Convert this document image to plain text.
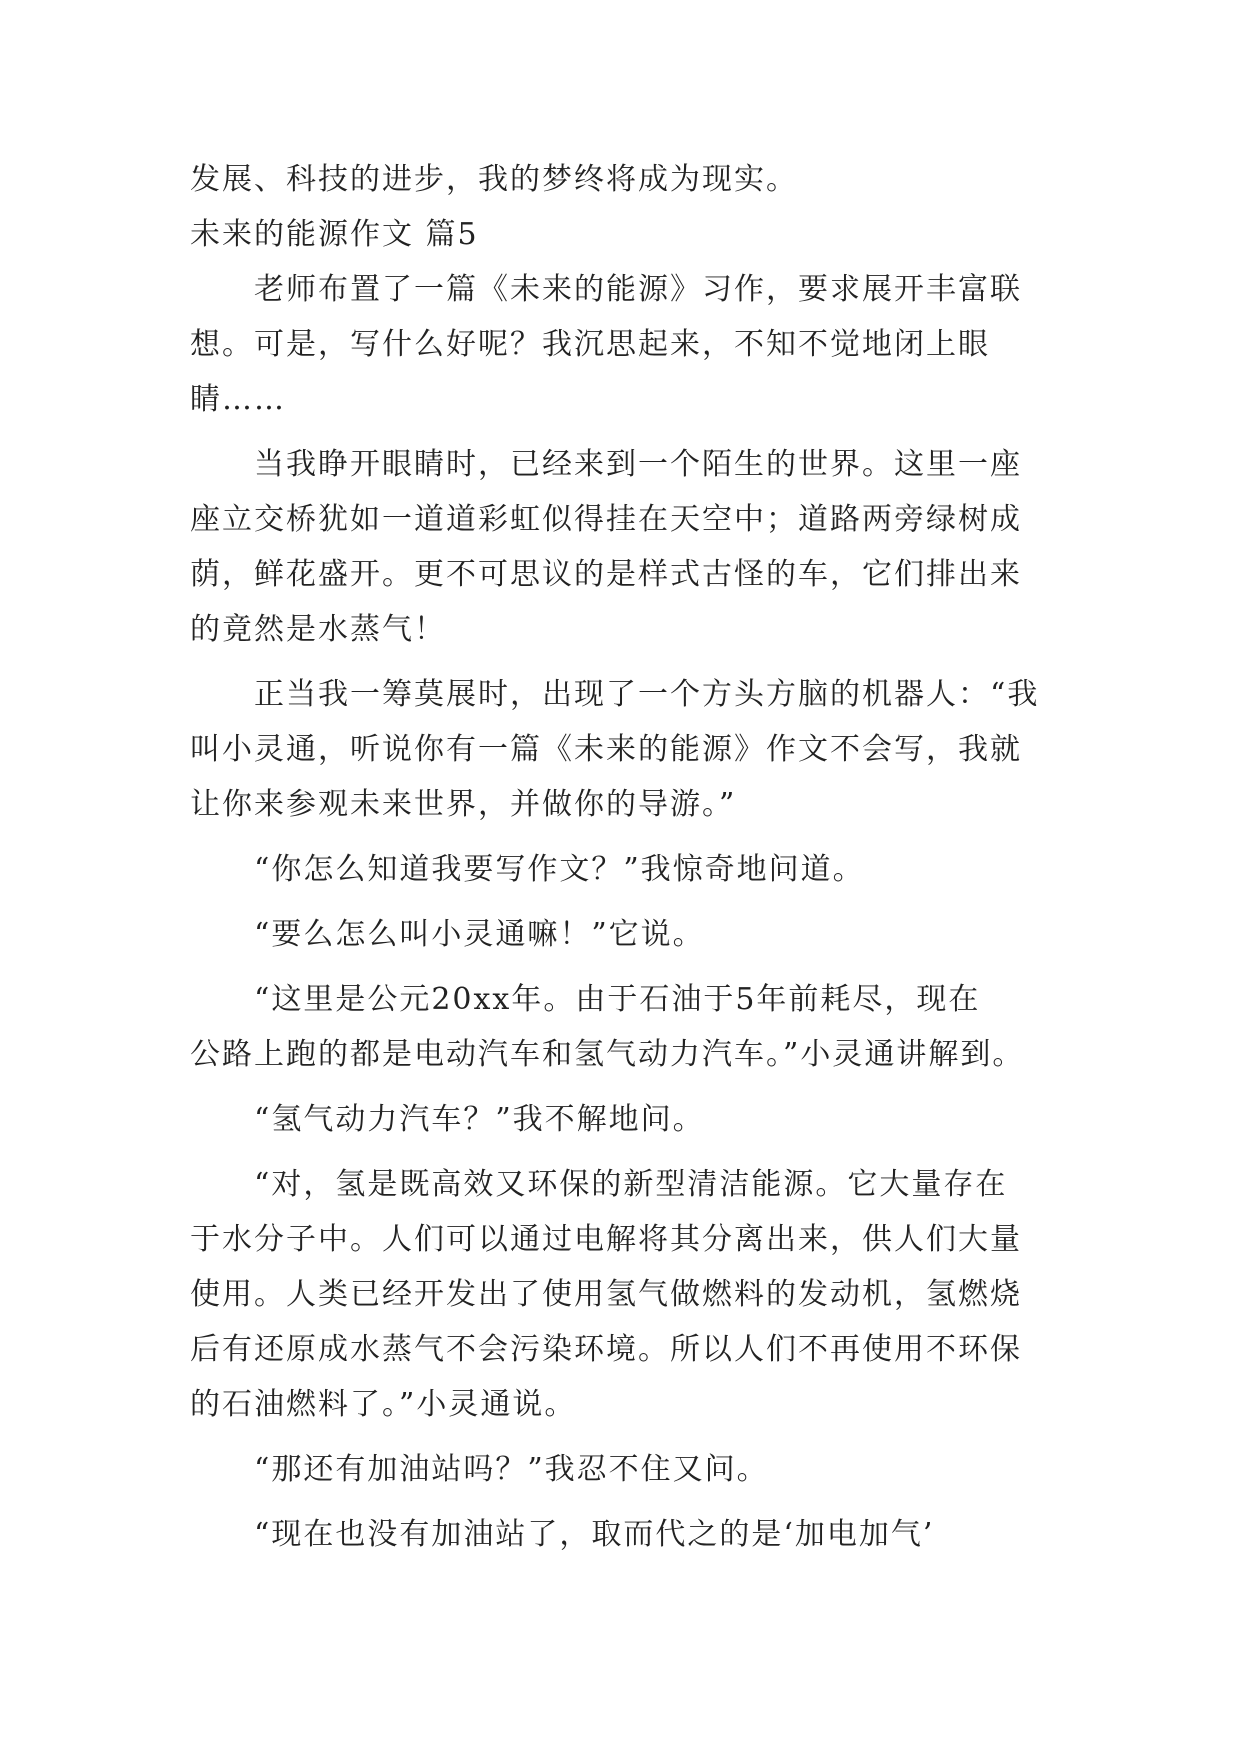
发展、科技的进步，我的梦终将成为现实。
未来的能源作文 篇5
老师布置了一篇《未来的能源》习作，要求展开丰富联
想。可是，写什么好呢？我沉思起来，不知不觉地闭上眼
睛……
当我睁开眼睛时，已经来到一个陌生的世界。这里一座
座立交桥犹如一道道彩虹似得挂在天空中；道路两旁绿树成
荫，鲜花盛开。更不可思议的是样式古怪的车，它们排出来
的竟然是水蒸气！
正当我一筹莫展时，出现了一个方头方脑的机器人：“我
叫小灵通，听说你有一篇《未来的能源》作文不会写，我就
让你来参观未来世界，并做你的导游。”
“你怎么知道我要写作文？”我惊奇地问道。
“要么怎么叫小灵通嘛！”它说。
“这里是公元20xx年。由于石油于5年前耗尽，现在
公路上跑的都是电动汽车和氢气动力汽车。”小灵通讲解到。
“氢气动力汽车？”我不解地问。
“对，氢是既高效又环保的新型清洁能源。它大量存在
于水分子中。人们可以通过电解将其分离出来，供人们大量
使用。人类已经开发出了使用氢气做燃料的发动机，氢燃烧
后有还原成水蒸气不会污染环境。所以人们不再使用不环保
的石油燃料了。”小灵通说。
“那还有加油站吗？”我忍不住又问。
“现在也没有加油站了，取而代之的是‘加电加气’
